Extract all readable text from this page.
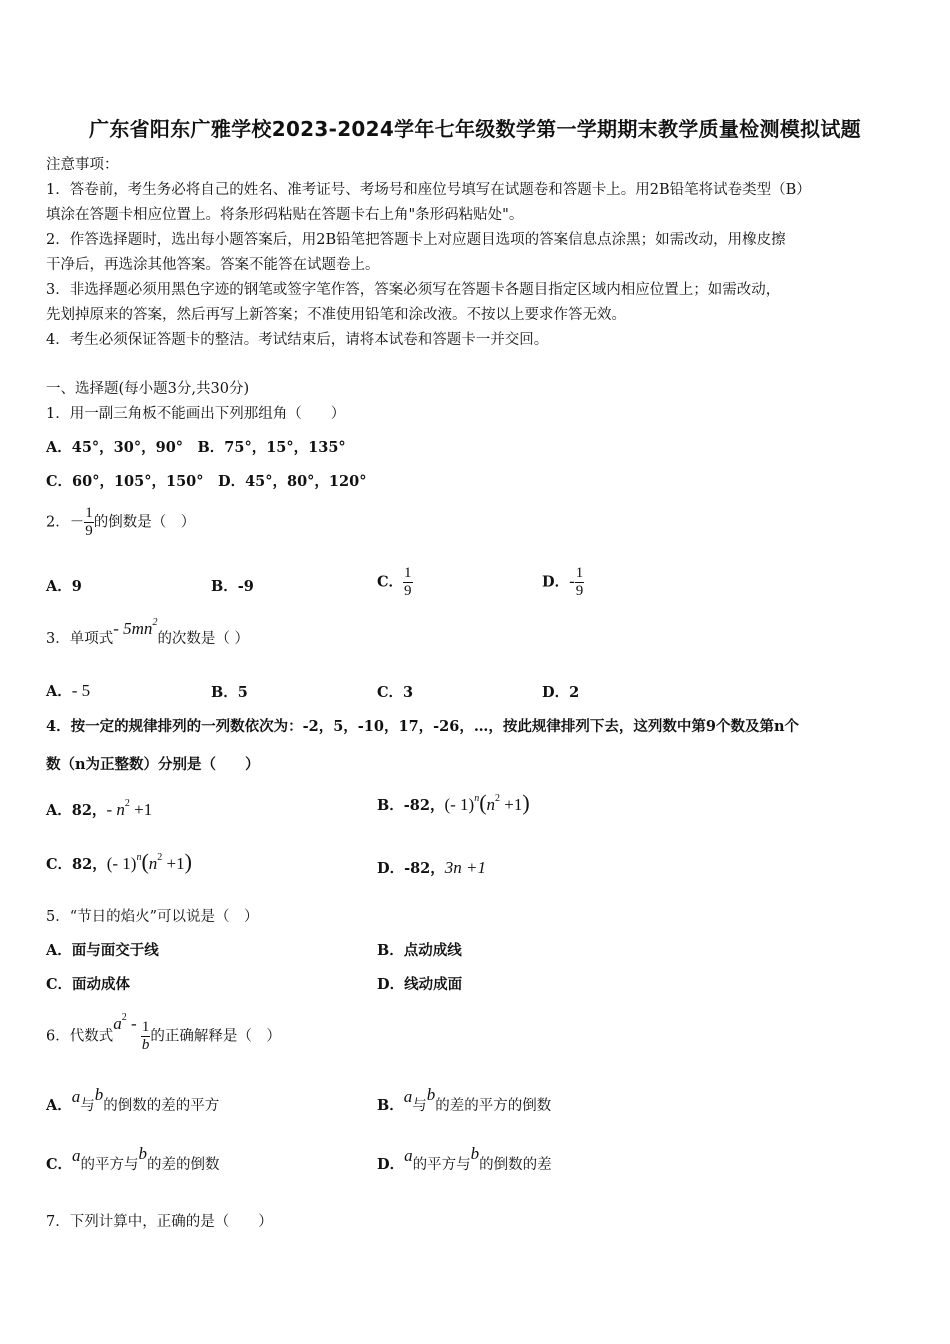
广东省阳东广雅学校2023-2024学年七年级数学第一学期期末教学质量检测模拟试题
注意事项：
1．答卷前，考生务必将自己的姓名、准考证号、考场号和座位号填写在试题卷和答题卡上。用2B铅笔将试卷类型（B）
填涂在答题卡相应位置上。将条形码粘贴在答题卡右上角"条形码粘贴处"。
2．作答选择题时，选出每小题答案后，用2B铅笔把答题卡上对应题目选项的答案信息点涂黑；如需改动，用橡皮擦
干净后，再选涂其他答案。答案不能答在试题卷上。
3．非选择题必须用黑色字迹的钢笔或签字笔作答，答案必须写在答题卡各题目指定区域内相应位置上；如需改动，
先划掉原来的答案，然后再写上新答案；不准使用铅笔和涂改液。不按以上要求作答无效。
4．考生必须保证答题卡的整洁。考试结束后，请将本试卷和答题卡一并交回。
一、选择题(每小题3分,共30分)
1．用一副三角板不能画出下列那组角（　　）
A．45°，30°，90°　B．75°，15°，135°
C．60°，105°，150°　D．45°，80°，120°
2．－ $\frac{1}{9}$ 的倒数是（　）
A．9	B．-9	C． $\frac{1}{9}$	D．- $\frac{1}{9}$
3．单项式- $5mn^2$的次数是（ ）
A．- 5	B．5	C．3	D．2
4．按一定的规律排列的一列数依次为：-2，5，-10，17，-26，…，按此规律排列下去，这列数中第9个数及第n个
数（n为正整数）分别是（　　）
A．82，- $n^2 +1$	B．-82，(- $1)^n(n^2 +1)$
C．82，(- $1)^n(n^2 +1)$	D．-82，3n +1
5．“节日的焰火”可以说是（　）
A．面与面交于线	B．点动成线
C．面动成体	D．线动成面
6．代数式$a^2 - \frac{1}{b}$ 的正确解释是（　）
A．a与b的倒数的差的平方	B．a与b的差的平方的倒数
C．a的平方与b的差的倒数	D．a的平方与b的倒数的差
7．下列计算中，正确的是（　　）
